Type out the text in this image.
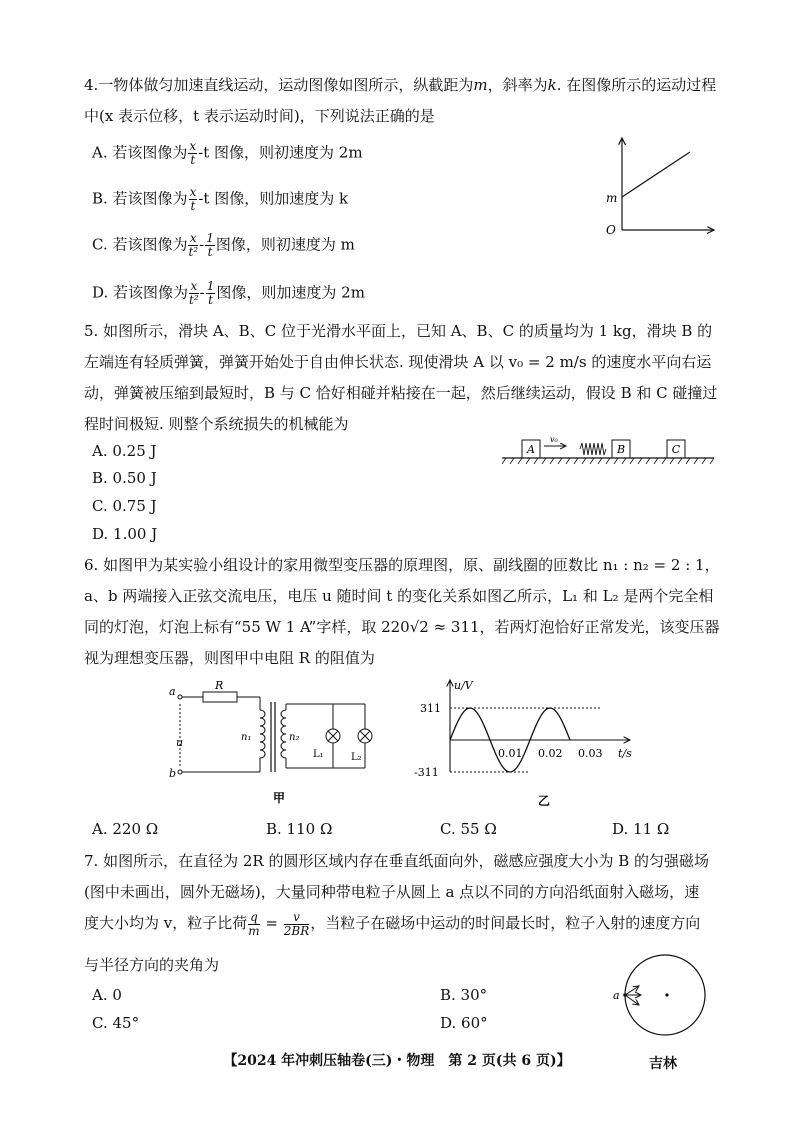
4.一物体做匀加速直线运动，运动图像如图所示，纵截距为m，斜率为k. 在图像所示的运动过程中(x 表示位移，t 表示运动时间)，下列说法正确的是
A. 若该图像为 $\frac{x}{t} -t$ 图像，则初速度为 2m
B. 若该图像为 $\frac{x}{t} -t$ 图像，则加速度为 k
C. 若该图像为 $\frac{x}{\text{t²}} - \frac{1}{t}$ 图像，则初速度为 m
D. 若该图像为 $\frac{x}{\text{t²}} - \frac{1}{t}$ 图像，则加速度为 2m
m
O
5. 如图所示，滑块 A、B、C 位于光滑水平面上，已知 A、B、C 的质量均为 1 kg，滑块 B 的左端连有轻质弹簧，弹簧开始处于自由伸长状态. 现使滑块 A 以 v₀ = 2 m/s 的速度水平向右运动，弹簧被压缩到最短时，B 与 C 恰好相碰并粘接在一起，然后继续运动，假设 B 和 C 碰撞过程时间极短. 则整个系统损失的机械能为
A. 0.25 J
B. 0.50 J
C. 0.75 J
D. 1.00 J
A
v₀
B	C
6. 如图甲为某实验小组设计的家用微型变压器的原理图，原、副线圈的匝数比 n₁ : n₂ = 2 : 1，a、b 两端接入正弦交流电压，电压 u 随时间 t 的变化关系如图乙所示，L₁ 和 L₂ 是两个完全相同的灯泡，灯泡上标有“55 W 1 A”字样，取 220√2 ≈ 311，若两灯泡恰好正常发光，该变压器视为理想变压器，则图甲中电阻 R 的阻值为
a
b
R
u	n₁	n₂
L₁	L₂
甲
u/V
t/s
311
-311
0.01 0.02 0.03
乙
A. 220 Ω	B. 110 Ω	C. 55 Ω	D. 11 Ω
7. 如图所示，在直径为 2R 的圆形区域内存在垂直纸面向外，磁感应强度大小为 B 的匀强磁场(图中未画出，圆外无磁场)，大量同种带电粒子从圆上 a 点以不同的方向沿纸面射入磁场，速
度大小均为 v，粒子比荷 $\frac{q}{m} = \frac{v}{2BR}$ ，当粒子在磁场中运动的时间最长时，粒子入射的速度方向
与半径方向的夹角为
A. 0	B. 30°
C. 45°	D. 60°
a
【2024 年冲刺压轴卷(三)・物理　第 2 页(共 6 页)】	吉林
